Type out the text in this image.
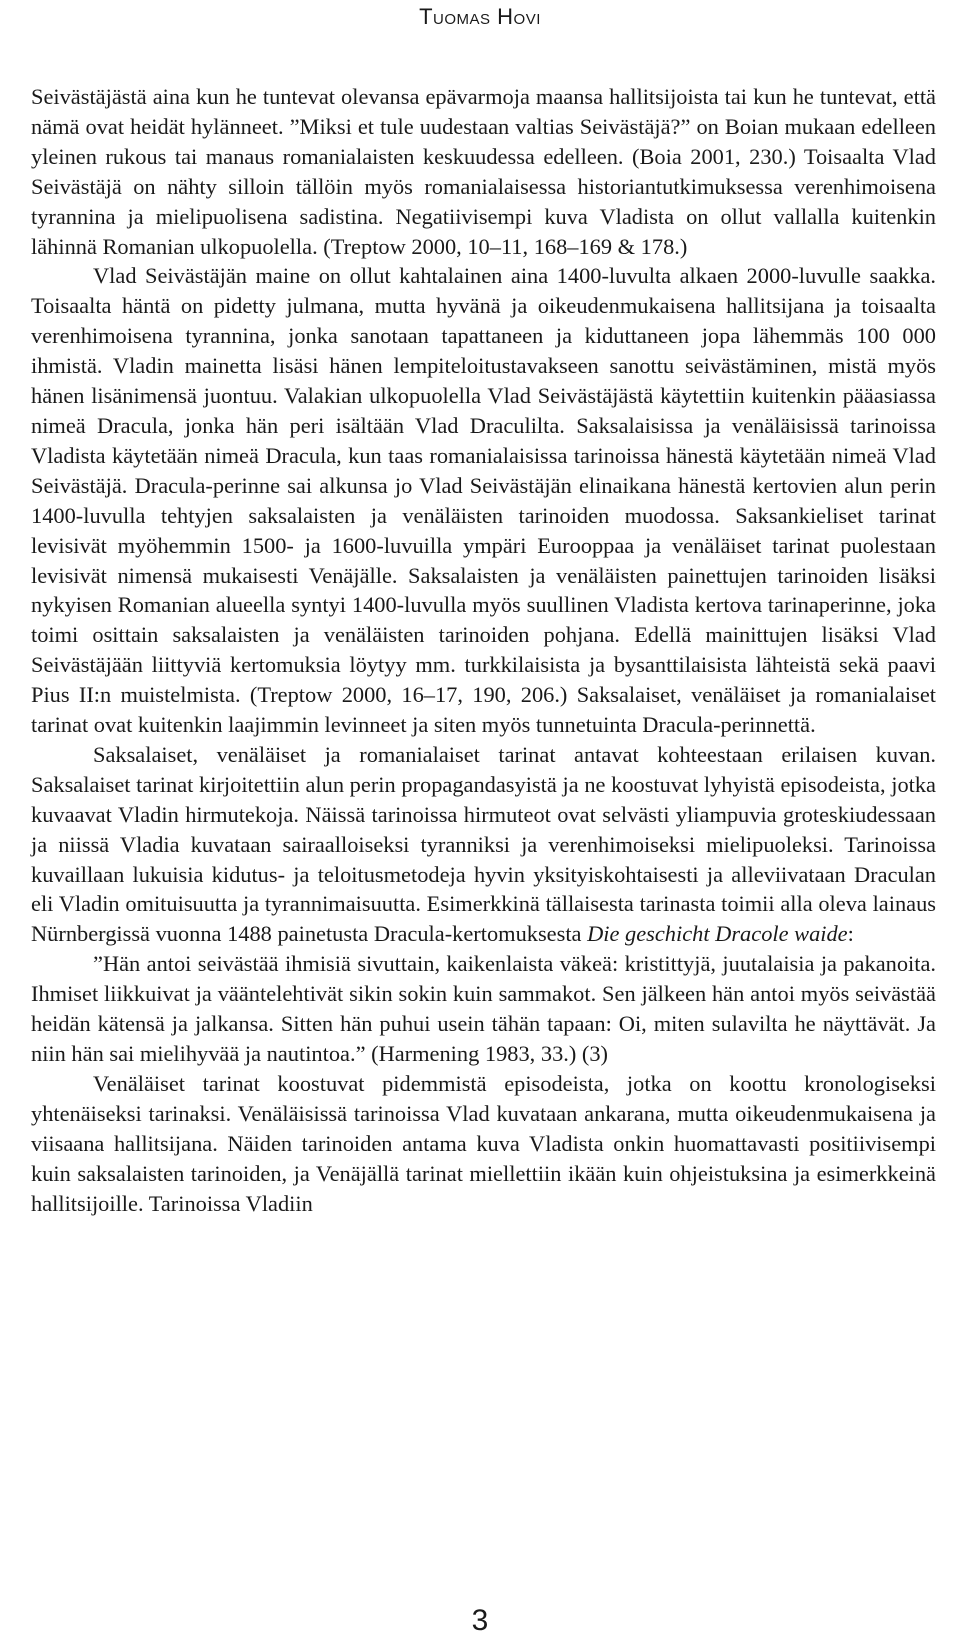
Tuomas Hovi

Seivästäjästä aina kun he tuntevat olevansa epävarmoja maansa hallitsijoista tai kun he tuntevat, että nämä ovat heidät hylänneet. ”Miksi et tule uudestaan valtias Seivästäjä?” on Boian mukaan edelleen yleinen rukous tai manaus romanialaisten keskuudessa edelleen. (Boia 2001, 230.) Toisaalta Vlad Seivästäjä on nähty silloin tällöin myös romanialaisessa historiantutkimuksessa verenhimoisena tyrannina ja mielipuolisena sadistina. Negatiivisempi kuva Vladista on ollut vallalla kuitenkin lähinnä Romanian ulkopuolella. (Treptow 2000, 10–11, 168–169 & 178.)

Vlad Seivästäjän maine on ollut kahtalainen aina 1400-luvulta alkaen 2000-luvulle saakka. Toisaalta häntä on pidetty julmana, mutta hyvänä ja oikeudenmukaisena hallitsijana ja toisaalta verenhimoisena tyrannina, jonka sanotaan tapattaneen ja kiduttaneen jopa lähemmäs 100 000 ihmistä. Vladin mainetta lisäsi hänen lempiteloitustavakseen sanottu seivästäminen, mistä myös hänen lisänimensä juontuu. Valakian ulkopuolella Vlad Seivästäjästä käytettiin kuitenkin pääasiassa nimeä Dracula, jonka hän peri isältään Vlad Draculilta. Saksalaisissa ja venäläisissä tarinoissa Vladista käytetään nimeä Dracula, kun taas romanialaisissa tarinoissa hänestä käytetään nimeä Vlad Seivästäjä. Dracula-perinne sai alkunsa jo Vlad Seivästäjän elinaikana hänestä kertovien alun perin 1400-luvulla tehtyjen saksalaisten ja venäläisten tarinoiden muodossa. Saksankieliset tarinat levisivät myöhemmin 1500- ja 1600-luvuilla ympäri Eurooppaa ja venäläiset tarinat puolestaan levisivät nimensä mukaisesti Venäjälle. Saksalaisten ja venäläisten painettujen tarinoiden lisäksi nykyisen Romanian alueella syntyi 1400-luvulla myös suullinen Vladista kertova tarinaperinne, joka toimi osittain saksalaisten ja venäläisten tarinoiden pohjana. Edellä mainittujen lisäksi Vlad Seivästäjään liittyviä kertomuksia löytyy mm. turkkilaisista ja bysanttilaisista lähteistä sekä paavi Pius II:n muistelmista. (Treptow 2000, 16–17, 190, 206.) Saksalaiset, venäläiset ja romanialaiset tarinat ovat kuitenkin laajimmin levinneet ja siten myös tunnetuinta Dracula-perinnettä.

Saksalaiset, venäläiset ja romanialaiset tarinat antavat kohteestaan erilaisen kuvan. Saksalaiset tarinat kirjoitettiin alun perin propagandasyistä ja ne koostuvat lyhyistä episodeista, jotka kuvaavat Vladin hirmutekoja. Näissä tarinoissa hirmuteot ovat selvästi yliampuvia groteskiudessaan ja niissä Vladia kuvataan sairaalloiseksi tyranniksi ja verenhimoiseksi mielipuoleksi. Tarinoissa kuvaillaan lukuisia kidutus- ja teloitusmetodeja hyvin yksityiskohtaisesti ja alleviivataan Draculan eli Vladin omituisuutta ja tyrannimaisuutta. Esimerkkinä tällaisesta tarinasta toimii alla oleva lainaus Nürnbergissä vuonna 1488 painetusta Dracula-kertomuksesta Die geschicht Dracole waide:

”Hän antoi seivästää ihmisiä sivuttain, kaikenlaista väkeä: kristittyjä, juutalaisia ja pakanoita. Ihmiset liikkuivat ja vääntelehtivät sikin sokin kuin sammakot. Sen jälkeen hän antoi myös seivästää heidän kätensä ja jalkansa. Sitten hän puhui usein tähän tapaan: Oi, miten sulavilta he näyttävät. Ja niin hän sai mielihyvää ja nautintoa.” (Harmening 1983, 33.) (3)

Venäläiset tarinat koostuvat pidemmistä episodeista, jotka on koottu kronologiseksi yhtenäiseksi tarinaksi. Venäläisissä tarinoissa Vlad kuvataan ankarana, mutta oikeudenmukaisena ja viisaana hallitsijana. Näiden tarinoiden antama kuva Vladista onkin huomattavasti positiivisempi kuin saksalaisten tarinoiden, ja Venäjällä tarinat miellettiin ikään kuin ohjeistuksina ja esimerkkeinä hallitsijoille. Tarinoissa Vladiin

3
